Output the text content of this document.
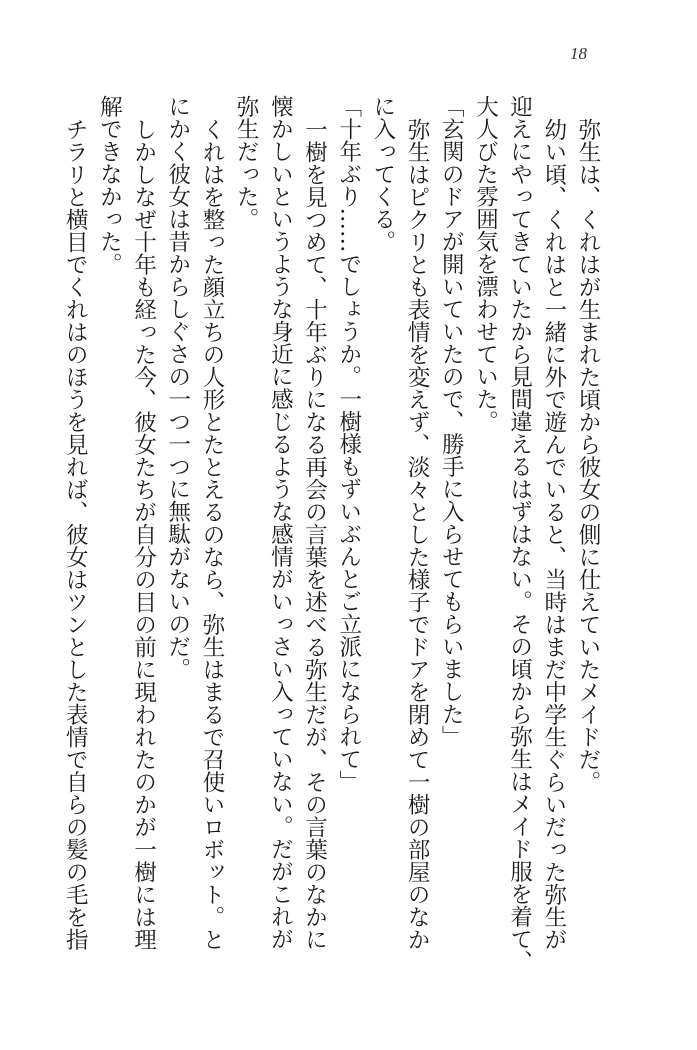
18
弥生は、くれはが生まれた頃から彼女の側に仕えていたメイドだ。
幼い頃、くれはと一緒に外で遊んでいると、当時はまだ中学生ぐらいだった弥生が
迎えにやってきていたから見間違えるはずはない。その頃から弥生はメイド服を着て、
大人びた雰囲気を漂わせていた。
「玄関のドアが開いていたので、勝手に入らせてもらいました」
弥生はピクリとも表情を変えず、淡々とした様子でドアを閉めて一樹の部屋のなか
に入ってくる。
「十年ぶり……でしょうか。一樹様もずいぶんとご立派になられて」
一樹を見つめて、十年ぶりになる再会の言葉を述べる弥生だが、その言葉のなかに
懐かしいというような身近に感じるような感情がいっさい入っていない。だがこれが
弥生だった。
くれはを整った顔立ちの人形とたとえるのなら、弥生はまるで召使いロボット。と
にかく彼女は昔からしぐさの一つ一つに無駄がないのだ。
しかしなぜ十年も経った今、彼女たちが自分の目の前に現われたのかが一樹には理
解できなかった。
チラリと横目でくれはのほうを見れば、彼女はツンとした表情で自らの髪の毛を指
